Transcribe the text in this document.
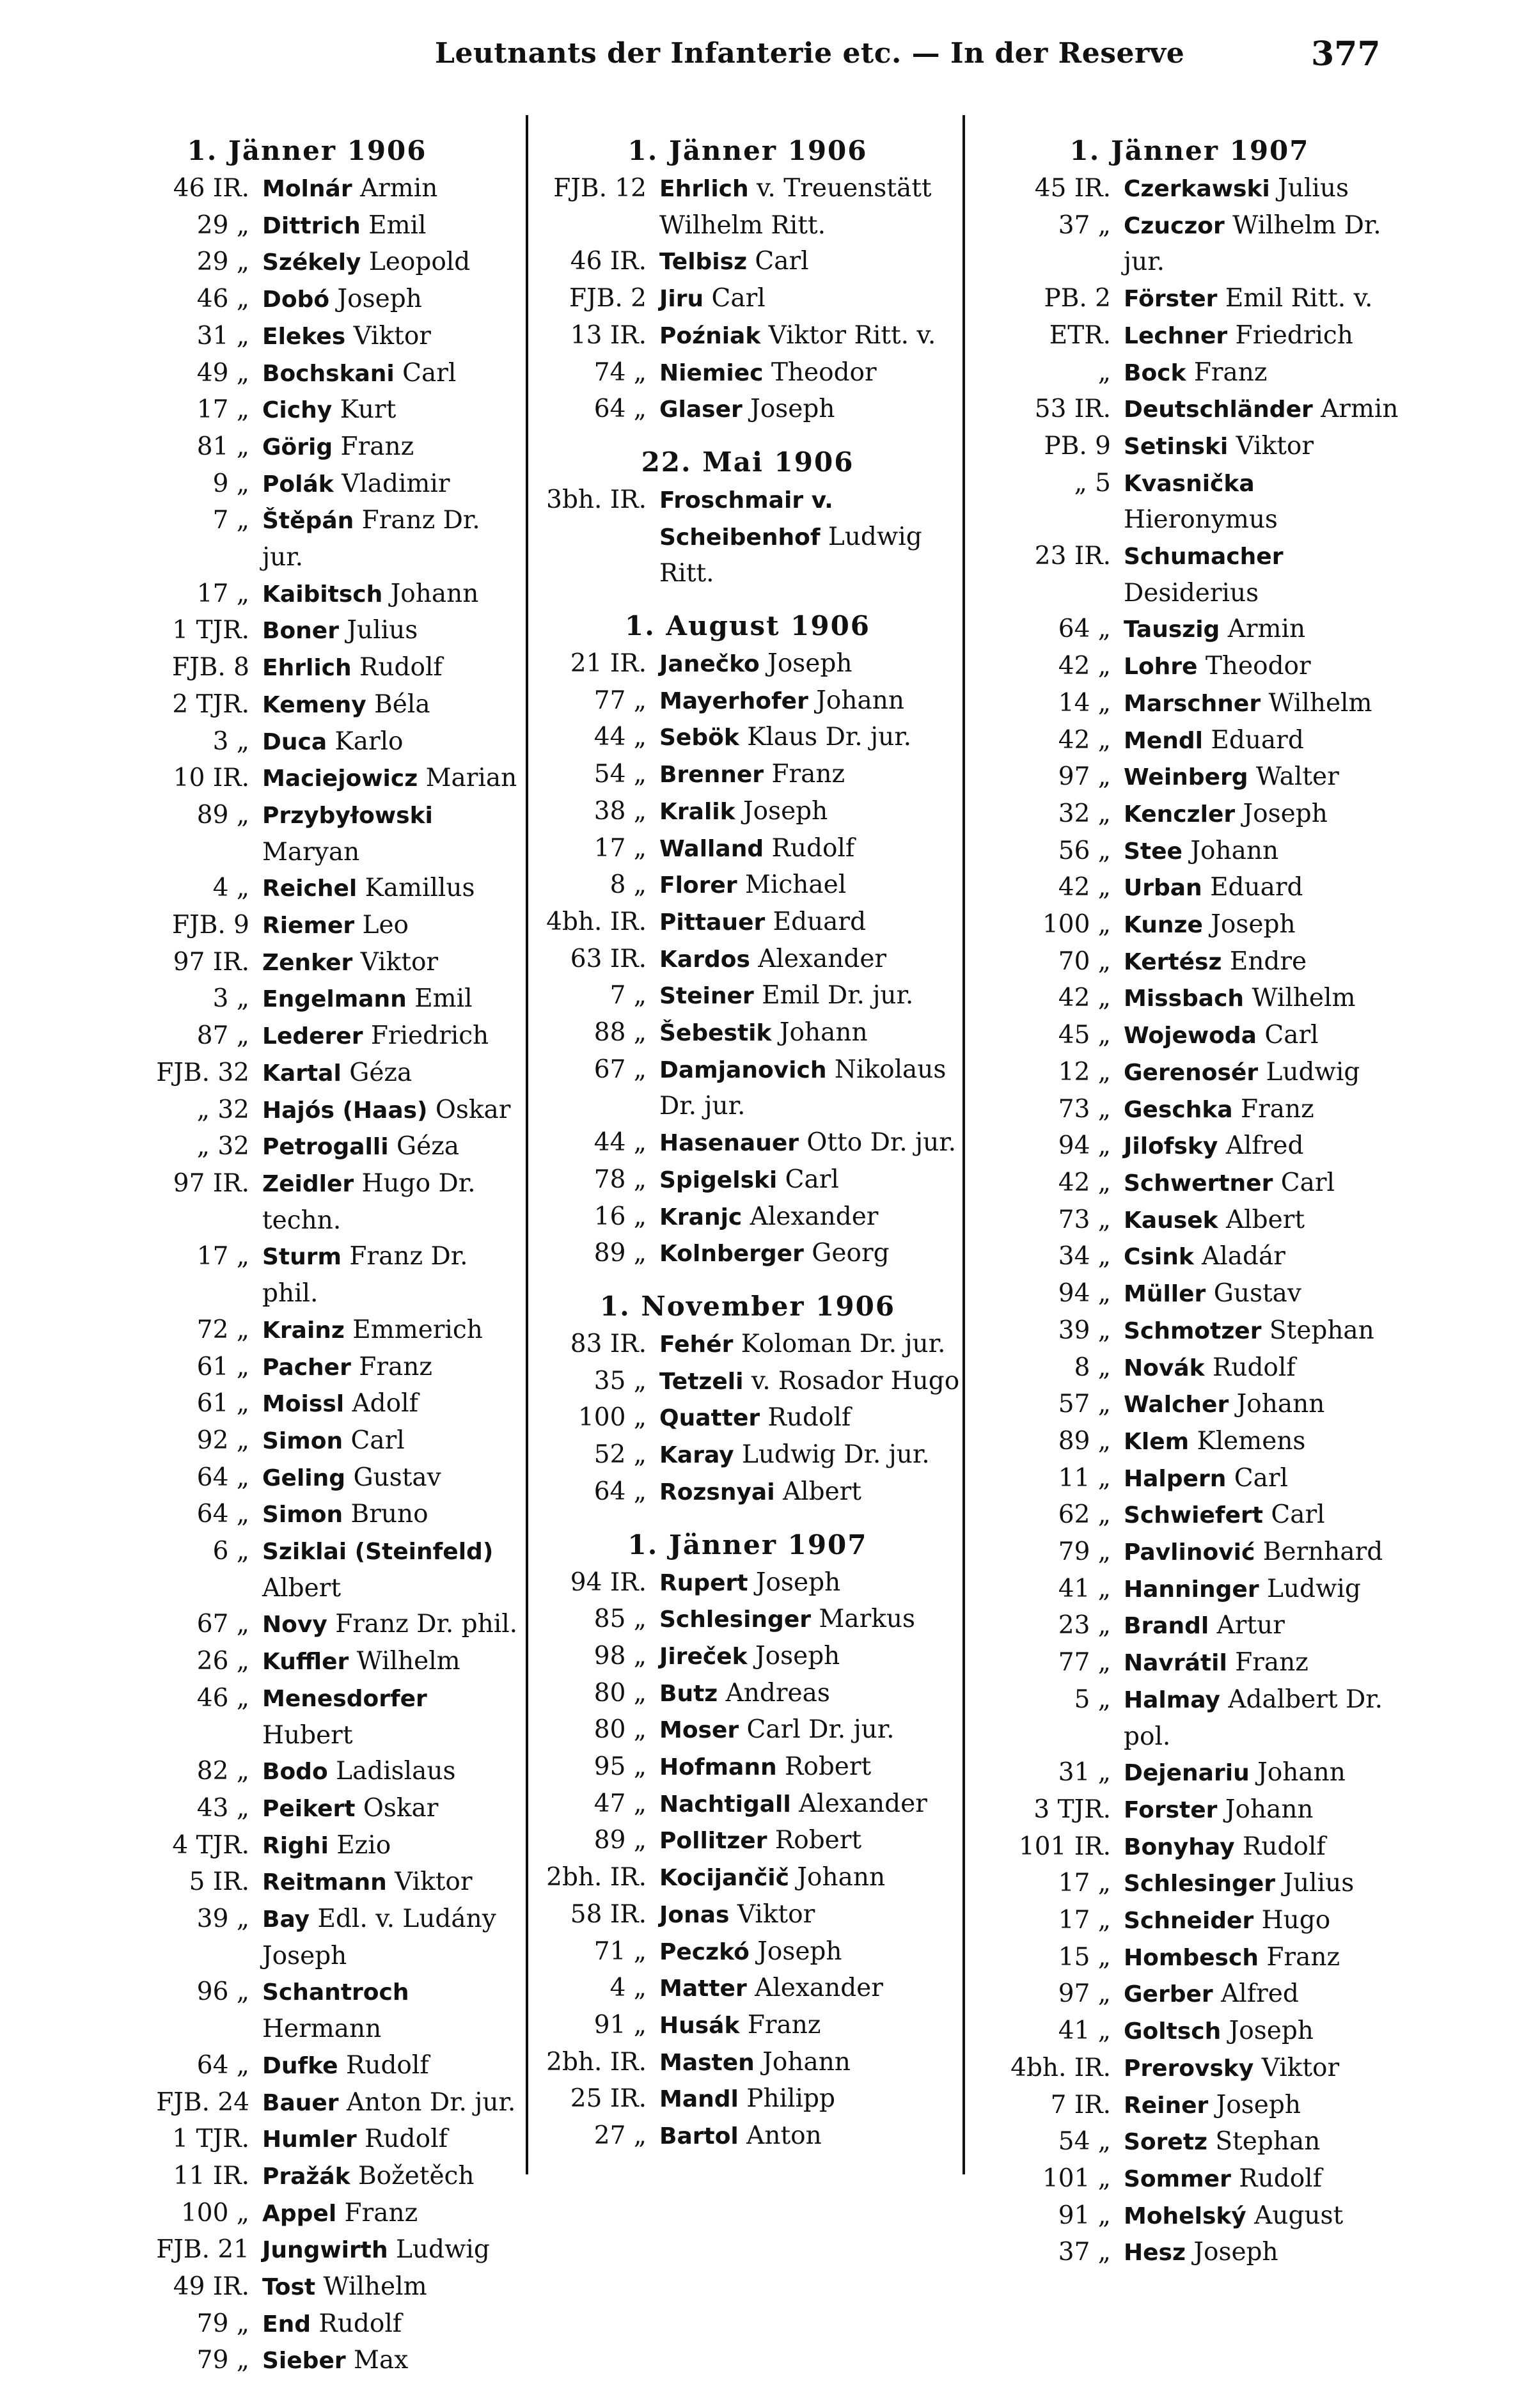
Leutnants der Infanterie etc. — In der Reserve	377
1. Jänner 1906
46 IR. Molnár Armin
29 „ Dittrich Emil
29 „ Székely Leopold
46 „ Dobó Joseph
31 „ Elekes Viktor
49 „ Bochskani Carl
17 „ Cichy Kurt
81 „ Görig Franz
9 „ Polák Vladimir
7 „ Štěpán Franz Dr. jur.
17 „ Kaibitsch Johann
1 TJR. Boner Julius
FJB. 8 Ehrlich Rudolf
2 TJR. Kemeny Béla
3 „ Duca Karlo
10 IR. Maciejowicz Marian
89 „ Przybyłowski Maryan
4 „ Reichel Kamillus
FJB. 9 Riemer Leo
97 IR. Zenker Viktor
3 „ Engelmann Emil
87 „ Lederer Friedrich
FJB. 32 Kartal Géza
„ 32 Hajós (Haas) Oskar
„ 32 Petrogalli Géza
97 IR. Zeidler Hugo Dr. techn.
17 „ Sturm Franz Dr. phil.
72 „ Krainz Emmerich
61 „ Pacher Franz
61 „ Moissl Adolf
92 „ Simon Carl
64 „ Geling Gustav
64 „ Simon Bruno
6 „ Sziklai (Steinfeld) Albert
67 „ Novy Franz Dr. phil.
26 „ Kuffler Wilhelm
46 „ Menesdorfer Hubert
82 „ Bodo Ladislaus
43 „ Peikert Oskar
4 TJR. Righi Ezio
5 IR. Reitmann Viktor
39 „ Bay Edl. v. Ludány Joseph
96 „ Schantroch Hermann
64 „ Dufke Rudolf
FJB. 24 Bauer Anton Dr. jur.
1 TJR. Humler Rudolf
11 IR. Pražák Božetěch
100 „ Appel Franz
FJB. 21 Jungwirth Ludwig
49 IR. Tost Wilhelm
79 „ End Rudolf
79 „ Sieber Max
1. Jänner 1906
FJB. 12 Ehrlich v. Treuenstätt Wilhelm Ritt.
46 IR. Telbisz Carl
FJB. 2 Jiru Carl
13 IR. Poźniak Viktor Ritt. v.
74 „ Niemiec Theodor
64 „ Glaser Joseph
22. Mai 1906
3bh. IR. Froschmair v. Scheibenhof Ludwig Ritt.
1. August 1906
21 IR. Janečko Joseph
77 „ Mayerhofer Johann
44 „ Sebök Klaus Dr. jur.
54 „ Brenner Franz
38 „ Kralik Joseph
17 „ Walland Rudolf
8 „ Florer Michael
4bh. IR. Pittauer Eduard
63 IR. Kardos Alexander
7 „ Steiner Emil Dr. jur.
88 „ Šebestik Johann
67 „ Damjanovich Nikolaus Dr. jur.
44 „ Hasenauer Otto Dr. jur.
78 „ Spigelski Carl
16 „ Kranjc Alexander
89 „ Kolnberger Georg
1. November 1906
83 IR. Fehér Koloman Dr. jur.
35 „ Tetzeli v. Rosador Hugo
100 „ Quatter Rudolf
52 „ Karay Ludwig Dr. jur.
64 „ Rozsnyai Albert
1. Jänner 1907
94 IR. Rupert Joseph
85 „ Schlesinger Markus
98 „ Jireček Joseph
80 „ Butz Andreas
80 „ Moser Carl Dr. jur.
95 „ Hofmann Robert
47 „ Nachtigall Alexander
89 „ Pollitzer Robert
2bh. IR. Kocijančič Johann
58 IR. Jonas Viktor
71 „ Peczkó Joseph
4 „ Matter Alexander
91 „ Husák Franz
2bh. IR. Masten Johann
25 IR. Mandl Philipp
27 „ Bartol Anton
1. Jänner 1907
45 IR. Czerkawski Julius
37 „ Czuczor Wilhelm Dr. jur.
PB. 2 Förster Emil Ritt. v.
ETR. Lechner Friedrich
„ Bock Franz
53 IR. Deutschländer Armin
PB. 9 Setinski Viktor
„ 5 Kvasnička Hieronymus
23 IR. Schumacher Desiderius
64 „ Tauszig Armin
42 „ Lohre Theodor
14 „ Marschner Wilhelm
42 „ Mendl Eduard
97 „ Weinberg Walter
32 „ Kenczler Joseph
56 „ Stee Johann
42 „ Urban Eduard
100 „ Kunze Joseph
70 „ Kertész Endre
42 „ Missbach Wilhelm
45 „ Wojewoda Carl
12 „ Gerenosér Ludwig
73 „ Geschka Franz
94 „ Jilofsky Alfred
42 „ Schwertner Carl
73 „ Kausek Albert
34 „ Csink Aladár
94 „ Müller Gustav
39 „ Schmotzer Stephan
8 „ Novák Rudolf
57 „ Walcher Johann
89 „ Klem Klemens
11 „ Halpern Carl
62 „ Schwiefert Carl
79 „ Pavlinović Bernhard
41 „ Hanninger Ludwig
23 „ Brandl Artur
77 „ Navrátil Franz
5 „ Halmay Adalbert Dr. pol.
31 „ Dejenariu Johann
3 TJR. Forster Johann
101 IR. Bonyhay Rudolf
17 „ Schlesinger Julius
17 „ Schneider Hugo
15 „ Hombesch Franz
97 „ Gerber Alfred
41 „ Goltsch Joseph
4bh. IR. Prerovsky Viktor
7 IR. Reiner Joseph
54 „ Soretz Stephan
101 „ Sommer Rudolf
91 „ Mohelský August
37 „ Hesz Joseph
